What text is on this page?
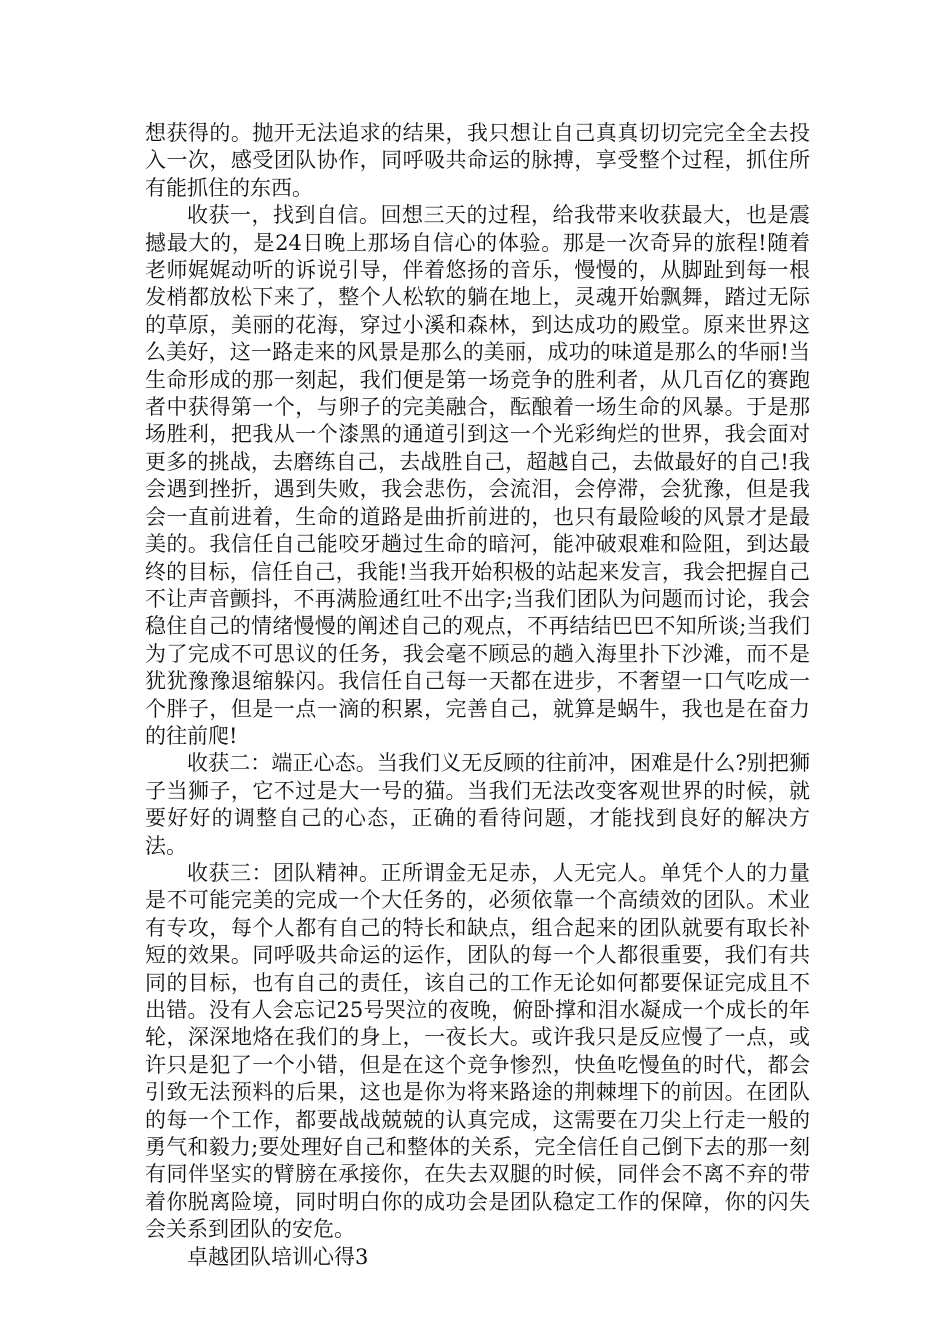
想获得的。抛开无法追求的结果，我只想让自己真真切切完完全全去投入一次，感受团队协作，同呼吸共命运的脉搏，享受整个过程，抓住所有能抓住的东西。

收获一，找到自信。回想三天的过程，给我带来收获最大，也是震撼最大的，是24日晚上那场自信心的体验。那是一次奇异的旅程!随着老师娓娓动听的诉说引导，伴着悠扬的音乐，慢慢的，从脚趾到每一根发梢都放松下来了，整个人松软的躺在地上，灵魂开始飘舞，踏过无际的草原，美丽的花海，穿过小溪和森林，到达成功的殿堂。原来世界这么美好，这一路走来的风景是那么的美丽，成功的味道是那么的华丽!当生命形成的那一刻起，我们便是第一场竞争的胜利者，从几百亿的赛跑者中获得第一个，与卵子的完美融合，酝酿着一场生命的风暴。于是那场胜利，把我从一个漆黑的通道引到这一个光彩绚烂的世界，我会面对更多的挑战，去磨练自己，去战胜自己，超越自己，去做最好的自己!我会遇到挫折，遇到失败，我会悲伤，会流泪，会停滞，会犹豫，但是我会一直前进着，生命的道路是曲折前进的，也只有最险峻的风景才是最美的。我信任自己能咬牙趟过生命的暗河，能冲破艰难和险阻，到达最终的目标，信任自己，我能!当我开始积极的站起来发言，我会把握自己不让声音颤抖，不再满脸通红吐不出字;当我们团队为问题而讨论，我会稳住自己的情绪慢慢的阐述自己的观点，不再结结巴巴不知所谈;当我们为了完成不可思议的任务，我会毫不顾忌的趟入海里扑下沙滩，而不是犹犹豫豫退缩躲闪。我信任自己每一天都在进步，不奢望一口气吃成一个胖子，但是一点一滴的积累，完善自己，就算是蜗牛，我也是在奋力的往前爬!

收获二：端正心态。当我们义无反顾的往前冲，困难是什么?别把狮子当狮子，它不过是大一号的猫。当我们无法改变客观世界的时候，就要好好的调整自己的心态，正确的看待问题，才能找到良好的解决方法。

收获三：团队精神。正所谓金无足赤，人无完人。单凭个人的力量是不可能完美的完成一个大任务的，必须依靠一个高绩效的团队。术业有专攻，每个人都有自己的特长和缺点，组合起来的团队就要有取长补短的效果。同呼吸共命运的运作，团队的每一个人都很重要，我们有共同的目标，也有自己的责任，该自己的工作无论如何都要保证完成且不出错。没有人会忘记25号哭泣的夜晚，俯卧撑和泪水凝成一个成长的年轮，深深地烙在我们的身上，一夜长大。或许我只是反应慢了一点，或许只是犯了一个小错，但是在这个竞争惨烈，快鱼吃慢鱼的时代，都会引致无法预料的后果，这也是你为将来路途的荆棘埋下的前因。在团队的每一个工作，都要战战兢兢的认真完成，这需要在刀尖上行走一般的勇气和毅力;要处理好自己和整体的关系，完全信任自己倒下去的那一刻有同伴坚实的臂膀在承接你，在失去双腿的时候，同伴会不离不弃的带着你脱离险境，同时明白你的成功会是团队稳定工作的保障，你的闪失会关系到团队的安危。

卓越团队培训心得3
